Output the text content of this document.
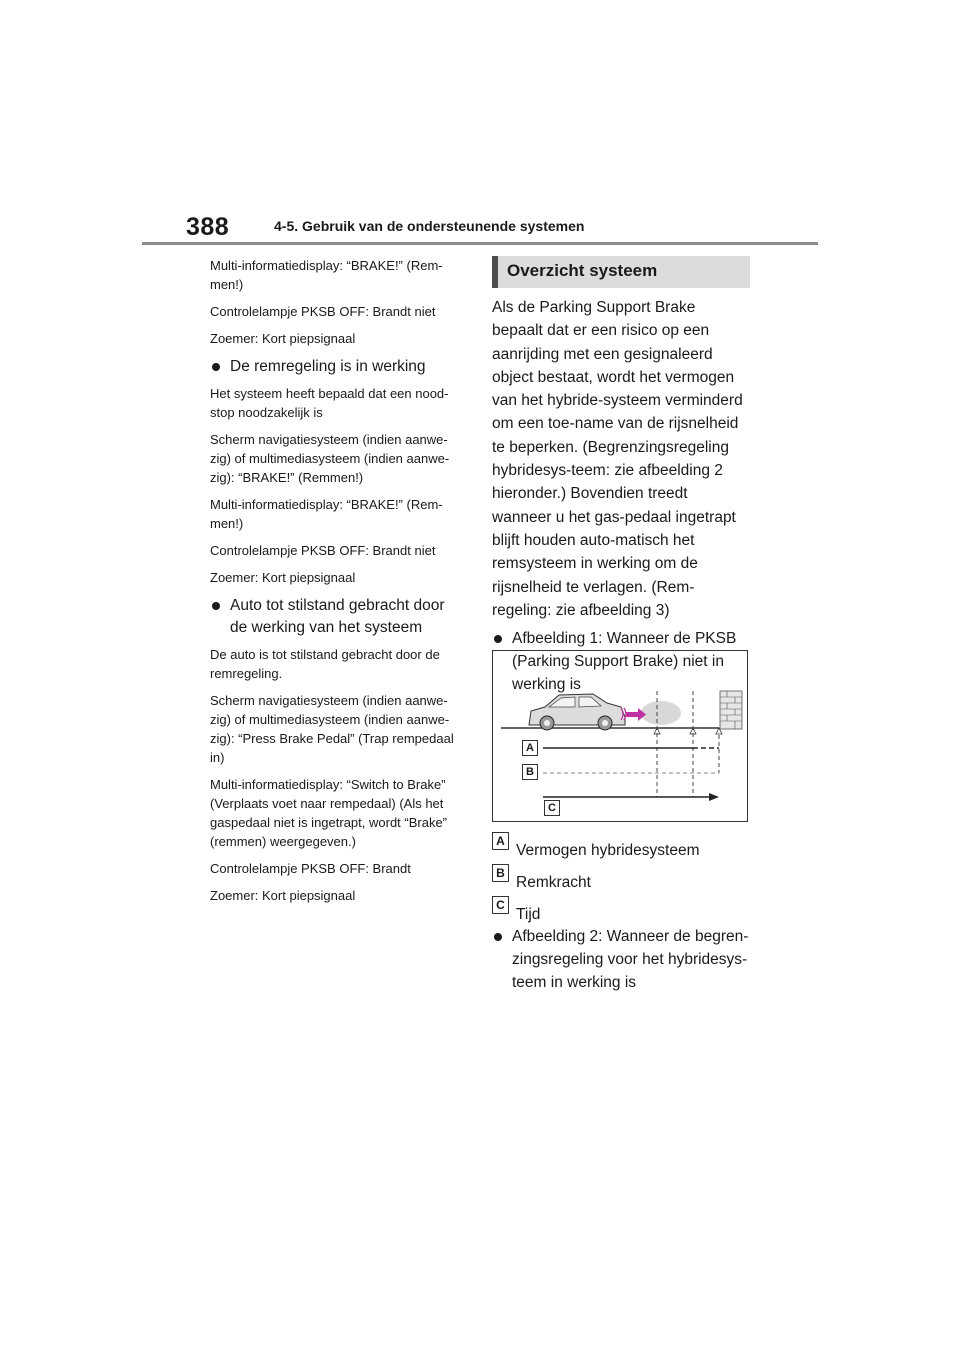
388	4-5. Gebruik van de ondersteunende systemen

Multi-informatiedisplay: “BRAKE!” (Rem-men!)

Controlelampje PKSB OFF: Brandt niet

Zoemer: Kort piepsignaal

De remregeling is in werking

Het systeem heeft bepaald dat een nood-stop noodzakelijk is

Scherm navigatiesysteem (indien aanwe-zig) of multimediasysteem (indien aanwe-zig): “BRAKE!” (Remmen!)

Multi-informatiedisplay: “BRAKE!” (Rem-men!)

Controlelampje PKSB OFF: Brandt niet

Zoemer: Kort piepsignaal

Auto tot stilstand gebracht door de werking van het systeem

De auto is tot stilstand gebracht door de remregeling.

Scherm navigatiesysteem (indien aanwe-zig) of multimediasysteem (indien aanwe-zig): “Press Brake Pedal” (Trap rempedaal in)

Multi-informatiedisplay: “Switch to Brake” (Verplaats voet naar rempedaal) (Als het gaspedaal niet is ingetrapt, wordt “Brake” (remmen) weergegeven.)

Controlelampje PKSB OFF: Brandt

Zoemer: Kort piepsignaal

Overzicht systeem

Als de Parking Support Brake bepaalt dat er een risico op een aanrijding met een gesignaleerd object bestaat, wordt het vermogen van het hybride-systeem verminderd om een toe-name van de rijsnelheid te beperken. (Begrenzingsregeling hybridesys-teem: zie afbeelding 2 hieronder.) Bovendien treedt wanneer u het gas-pedaal ingetrapt blijft houden auto-matisch het remsysteem in werking om de rijsnelheid te verlagen. (Rem-regeling: zie afbeelding 3)

Afbeelding 1: Wanneer de PKSB (Parking Support Brake) niet in werking is
A
B
C
A
Vermogen hybridesysteem
B
Remkracht
C
Tijd
Afbeelding 2: Wanneer de begren-zingsregeling voor het hybridesys-teem in werking is
